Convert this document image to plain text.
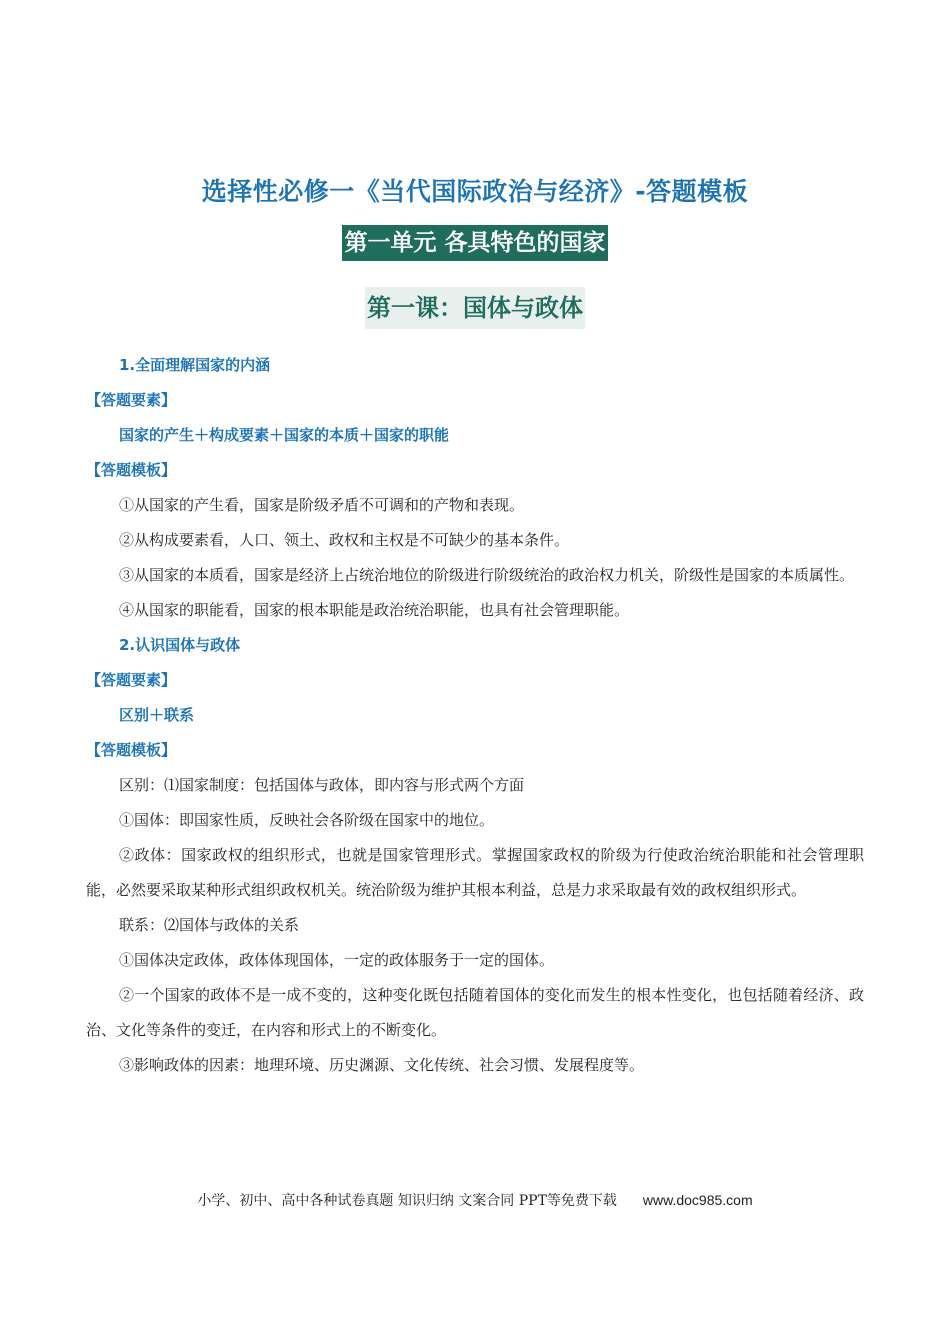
选择性必修一《当代国际政治与经济》-答题模板
第一单元 各具特色的国家
第一课：国体与政体

1.全面理解国家的内涵

【答题要素】

国家的产生＋构成要素＋国家的本质＋国家的职能

【答题模板】

①从国家的产生看，国家是阶级矛盾不可调和的产物和表现。

②从构成要素看，人口、领土、政权和主权是不可缺少的基本条件。

③从国家的本质看，国家是经济上占统治地位的阶级进行阶级统治的政治权力机关，阶级性是国家的本质属性。

④从国家的职能看，国家的根本职能是政治统治职能，也具有社会管理职能。

2.认识国体与政体

【答题要素】

区别＋联系

【答题模板】

区别：⑴国家制度：包括国体与政体，即内容与形式两个方面

①国体：即国家性质，反映社会各阶级在国家中的地位。

②政体：国家政权的组织形式，也就是国家管理形式。掌握国家政权的阶级为行使政治统治职能和社会管理职能，必然要采取某种形式组织政权机关。统治阶级为维护其根本利益，总是力求采取最有效的政权组织形式。

联系：⑵国体与政体的关系

①国体决定政体，政体体现国体，一定的政体服务于一定的国体。

②一个国家的政体不是一成不变的，这种变化既包括随着国体的变化而发生的根本性变化，也包括随着经济、政治、文化等条件的变迁，在内容和形式上的不断变化。

③影响政体的因素：地理环境、历史渊源、文化传统、社会习惯、发展程度等。

小学、初中、高中各种试卷真题 知识归纳 文案合同 PPT等免费下载 www.doc985.com
